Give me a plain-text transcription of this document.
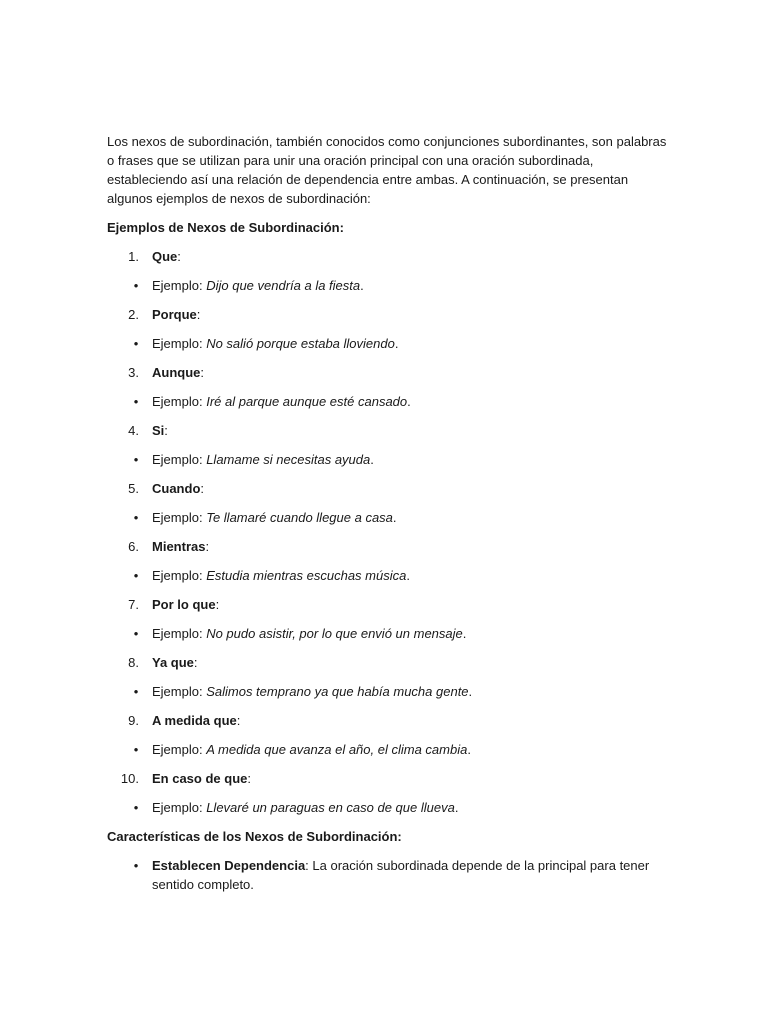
Los nexos de subordinación, también conocidos como conjunciones subordinantes, son palabras o frases que se utilizan para unir una oración principal con una oración subordinada, estableciendo así una relación de dependencia entre ambas. A continuación, se presentan algunos ejemplos de nexos de subordinación:

Ejemplos de Nexos de Subordinación:

1. Que:
• Ejemplo: Dijo que vendría a la fiesta.
2. Porque:
• Ejemplo: No salió porque estaba lloviendo.
3. Aunque:
• Ejemplo: Iré al parque aunque esté cansado.
4. Si:
• Ejemplo: Llamame si necesitas ayuda.
5. Cuando:
• Ejemplo: Te llamaré cuando llegue a casa.
6. Mientras:
• Ejemplo: Estudia mientras escuchas música.
7. Por lo que:
• Ejemplo: No pudo asistir, por lo que envió un mensaje.
8. Ya que:
• Ejemplo: Salimos temprano ya que había mucha gente.
9. A medida que:
• Ejemplo: A medida que avanza el año, el clima cambia.
10. En caso de que:
• Ejemplo: Llevaré un paraguas en caso de que llueva.

Características de los Nexos de Subordinación:

• Establecen Dependencia: La oración subordinada depende de la principal para tener sentido completo.
